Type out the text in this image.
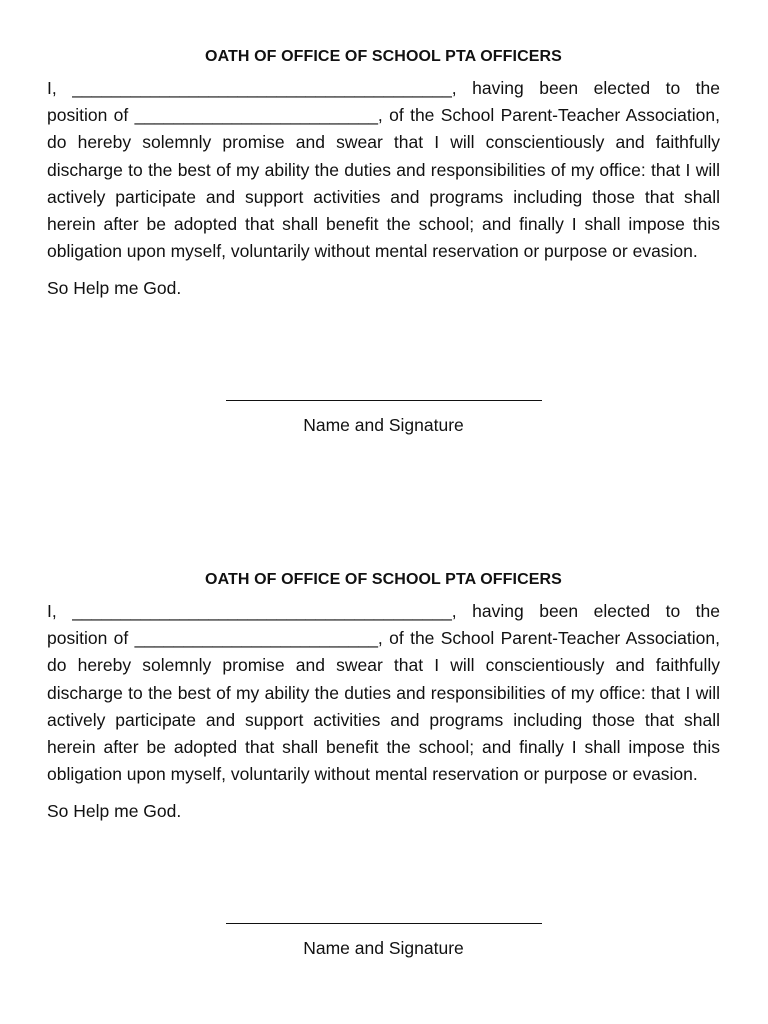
OATH OF OFFICE OF SCHOOL PTA OFFICERS

I, _______________________________________, having been elected to the position of _________________________, of the School Parent-Teacher Association, do hereby solemnly promise and swear that I will conscientiously and faithfully discharge to the best of my ability the duties and responsibilities of my office: that I will actively participate and support activities and programs including those that shall herein after be adopted that shall benefit the school; and finally I shall impose this obligation upon myself, voluntarily without mental reservation or purpose or evasion.

So Help me God.

Name and Signature
OATH OF OFFICE OF SCHOOL PTA OFFICERS

I, _______________________________________, having been elected to the position of _________________________, of the School Parent-Teacher Association, do hereby solemnly promise and swear that I will conscientiously and faithfully discharge to the best of my ability the duties and responsibilities of my office: that I will actively participate and support activities and programs including those that shall herein after be adopted that shall benefit the school; and finally I shall impose this obligation upon myself, voluntarily without mental reservation or purpose or evasion.

So Help me God.

Name and Signature
